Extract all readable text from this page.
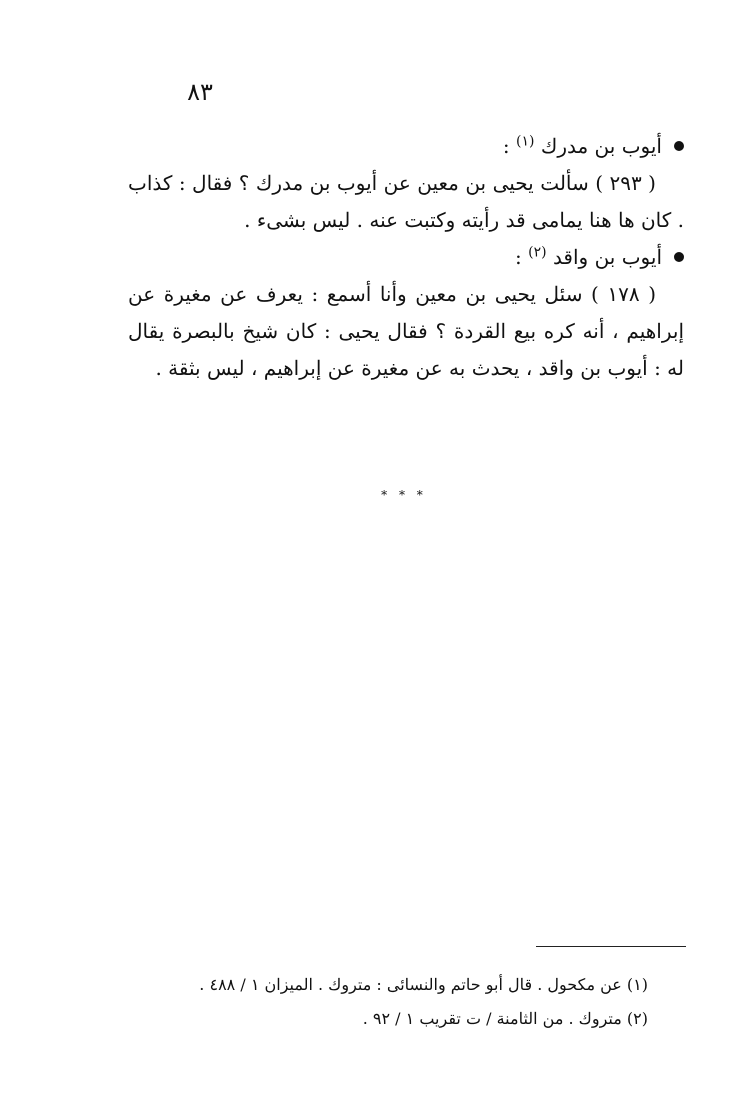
٨٣

أيوب بن مدرك $^{(١)}$ :

( ٢٩٣ ) سألت يحيى بن معين عن أيوب بن مدرك ؟ فقال : كذاب . كان ها هنا يمامى قد رأيته وكتبت عنه . ليس بشىء .

أيوب بن واقد $^{(٢)}$ :

( ١٧٨ ) سئل يحيى بن معين وأنا أسمع : يعرف عن مغيرة عن إبراهيم ، أنه كره بيع القردة ؟ فقال يحيى : كان شيخ بالبصرة يقال له : أيوب بن واقد ، يحدث به عن مغيرة عن إبراهيم ، ليس بثقة .

* * *

(١) عن مكحول . قال أبو حاتم والنسائى : متروك . الميزان ١ / ٤٨٨ .

(٢) متروك . من الثامنة / ت تقريب ١ / ٩٢ .
